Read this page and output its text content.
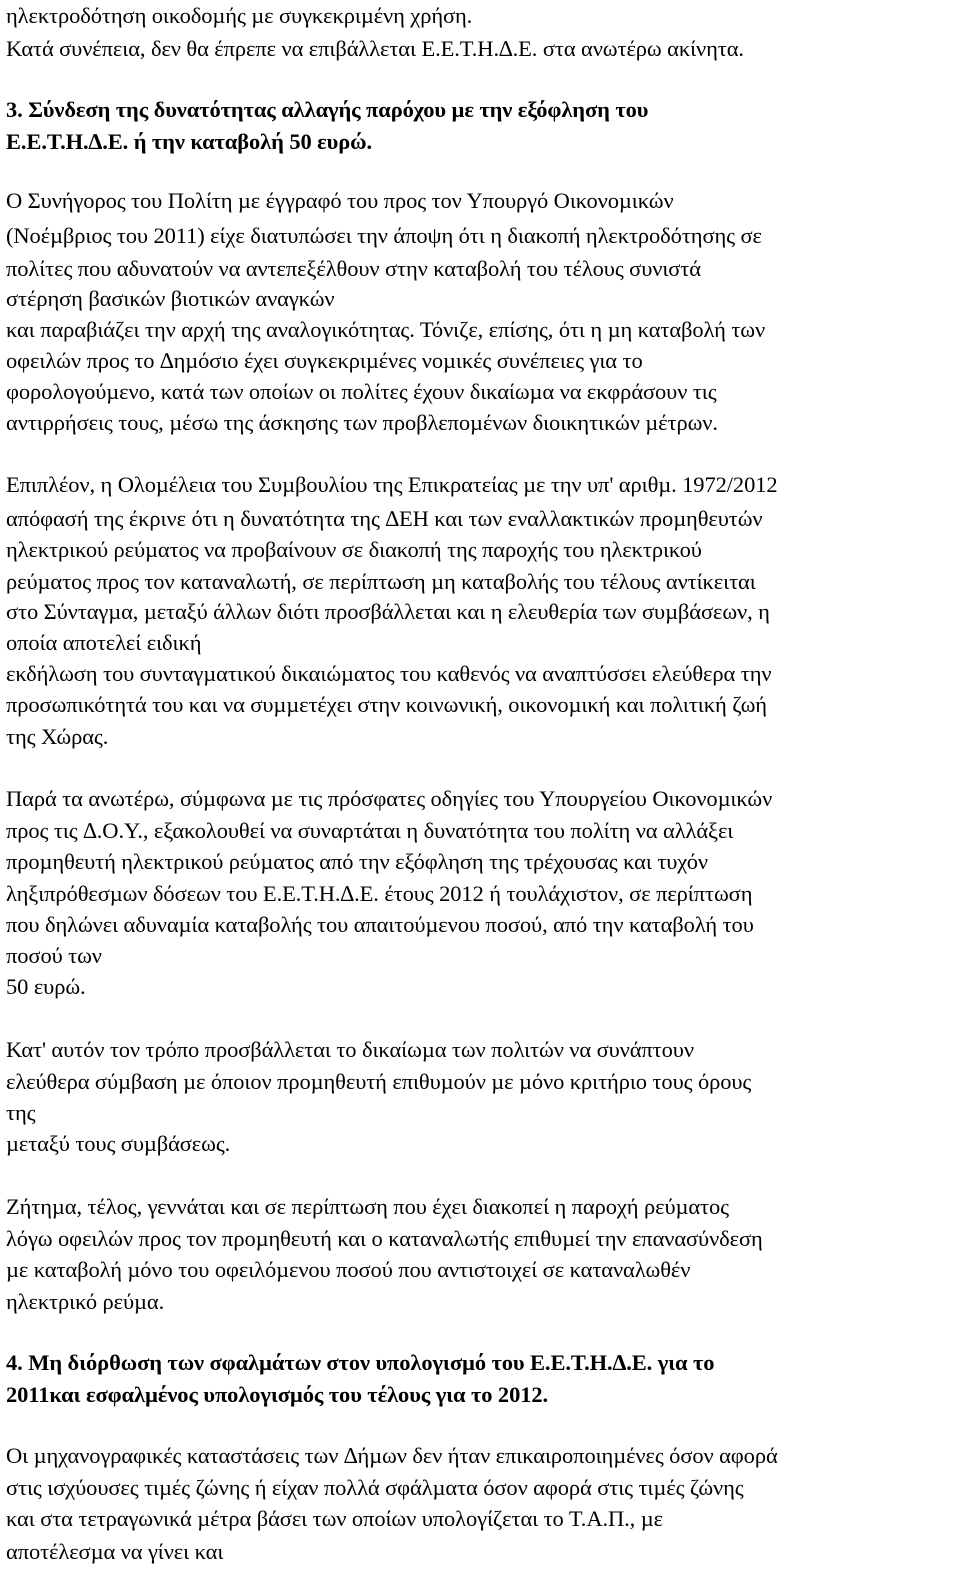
ηλεκτροδότηση οικοδοµής µε συγκεκριµένη χρήση.
Κατά συνέπεια, δεν θα έπρεπε να επιβάλλεται Ε.Ε.Τ.Η.∆.Ε. στα ανωτέρω ακίνητα.
3. Σύνδεση της δυνατότητας αλλαγής παρόχου µε την εξόφληση του
Ε.Ε.Τ.Η.∆.Ε. ή την καταβολή 50 ευρώ.
Ο Συνήγορος του Πολίτη µε έγγραφό του προς τον Υπουργό Οικονοµικών
(Νοέµβριος του 2011) είχε διατυπώσει την άποψη ότι η διακοπή ηλεκτροδότησης σε
πολίτες που αδυνατούν να αντεπεξέλθουν στην καταβολή του τέλους συνιστά
στέρηση βασικών βιοτικών αναγκών
και παραβιάζει την αρχή της αναλογικότητας. Τόνιζε, επίσης, ότι η µη καταβολή των
οφειλών προς το ∆ηµόσιο έχει συγκεκριµένες νοµικές συνέπειες για το
φορολογούµενο, κατά των οποίων οι πολίτες έχουν δικαίωµα να εκφράσουν τις
αντιρρήσεις τους, µέσω της άσκησης των προβλεποµένων διοικητικών µέτρων.
Επιπλέον, η Ολοµέλεια του Συµβουλίου της Επικρατείας µε την υπ' αριθµ. 1972/2012
απόφασή της έκρινε ότι η δυνατότητα της ∆ΕΗ και των εναλλακτικών προµηθευτών
ηλεκτρικού ρεύµατος να προβαίνουν σε διακοπή της παροχής του ηλεκτρικού
ρεύµατος προς τον καταναλωτή, σε περίπτωση µη καταβολής του τέλους αντίκειται
στο Σύνταγµα, µεταξύ άλλων διότι προσβάλλεται και η ελευθερία των συµβάσεων, η
οποία αποτελεί ειδική
εκδήλωση του συνταγµατικού δικαιώµατος του καθενός να αναπτύσσει ελεύθερα την
προσωπικότητά του και να συµµετέχει στην κοινωνική, οικονοµική και πολιτική ζωή
της Χώρας.
Παρά τα ανωτέρω, σύµφωνα µε τις πρόσφατες οδηγίες του Υπουργείου Οικονοµικών
προς τις ∆.Ο.Υ., εξακολουθεί να συναρτάται η δυνατότητα του πολίτη να αλλάξει
προµηθευτή ηλεκτρικού ρεύµατος από την εξόφληση της τρέχουσας και τυχόν
ληξιπρόθεσµων δόσεων του Ε.Ε.Τ.Η.∆.Ε. έτους 2012 ή τουλάχιστον, σε περίπτωση
που δηλώνει αδυναµία καταβολής του απαιτούµενου ποσού, από την καταβολή του
ποσού των
50 ευρώ.
Κατ' αυτόν τον τρόπο προσβάλλεται το δικαίωµα των πολιτών να συνάπτουν
ελεύθερα σύµβαση µε όποιον προµηθευτή επιθυµούν µε µόνο κριτήριο τους όρους
της
µεταξύ τους συµβάσεως.
Ζήτηµα, τέλος, γεννάται και σε περίπτωση που έχει διακοπεί η παροχή ρεύµατος
λόγω οφειλών προς τον προµηθευτή και ο καταναλωτής επιθυµεί την επανασύνδεση
µε καταβολή µόνο του οφειλόµενου ποσού που αντιστοιχεί σε καταναλωθέν
ηλεκτρικό ρεύµα.
4. Μη διόρθωση των σφαλµάτων στον υπολογισµό του Ε.Ε.Τ.Η.∆.Ε. για το
2011και εσφαλµένος υπολογισµός του τέλους για το 2012.
Οι µηχανογραφικές καταστάσεις των ∆ήµων δεν ήταν επικαιροποιηµένες όσον αφορά
στις ισχύουσες τιµές ζώνης ή είχαν πολλά σφάλµατα όσον αφορά στις τιµές ζώνης
και στα τετραγωνικά µέτρα βάσει των οποίων υπολογίζεται το Τ.Α.Π., µε
αποτέλεσµα να γίνει και
